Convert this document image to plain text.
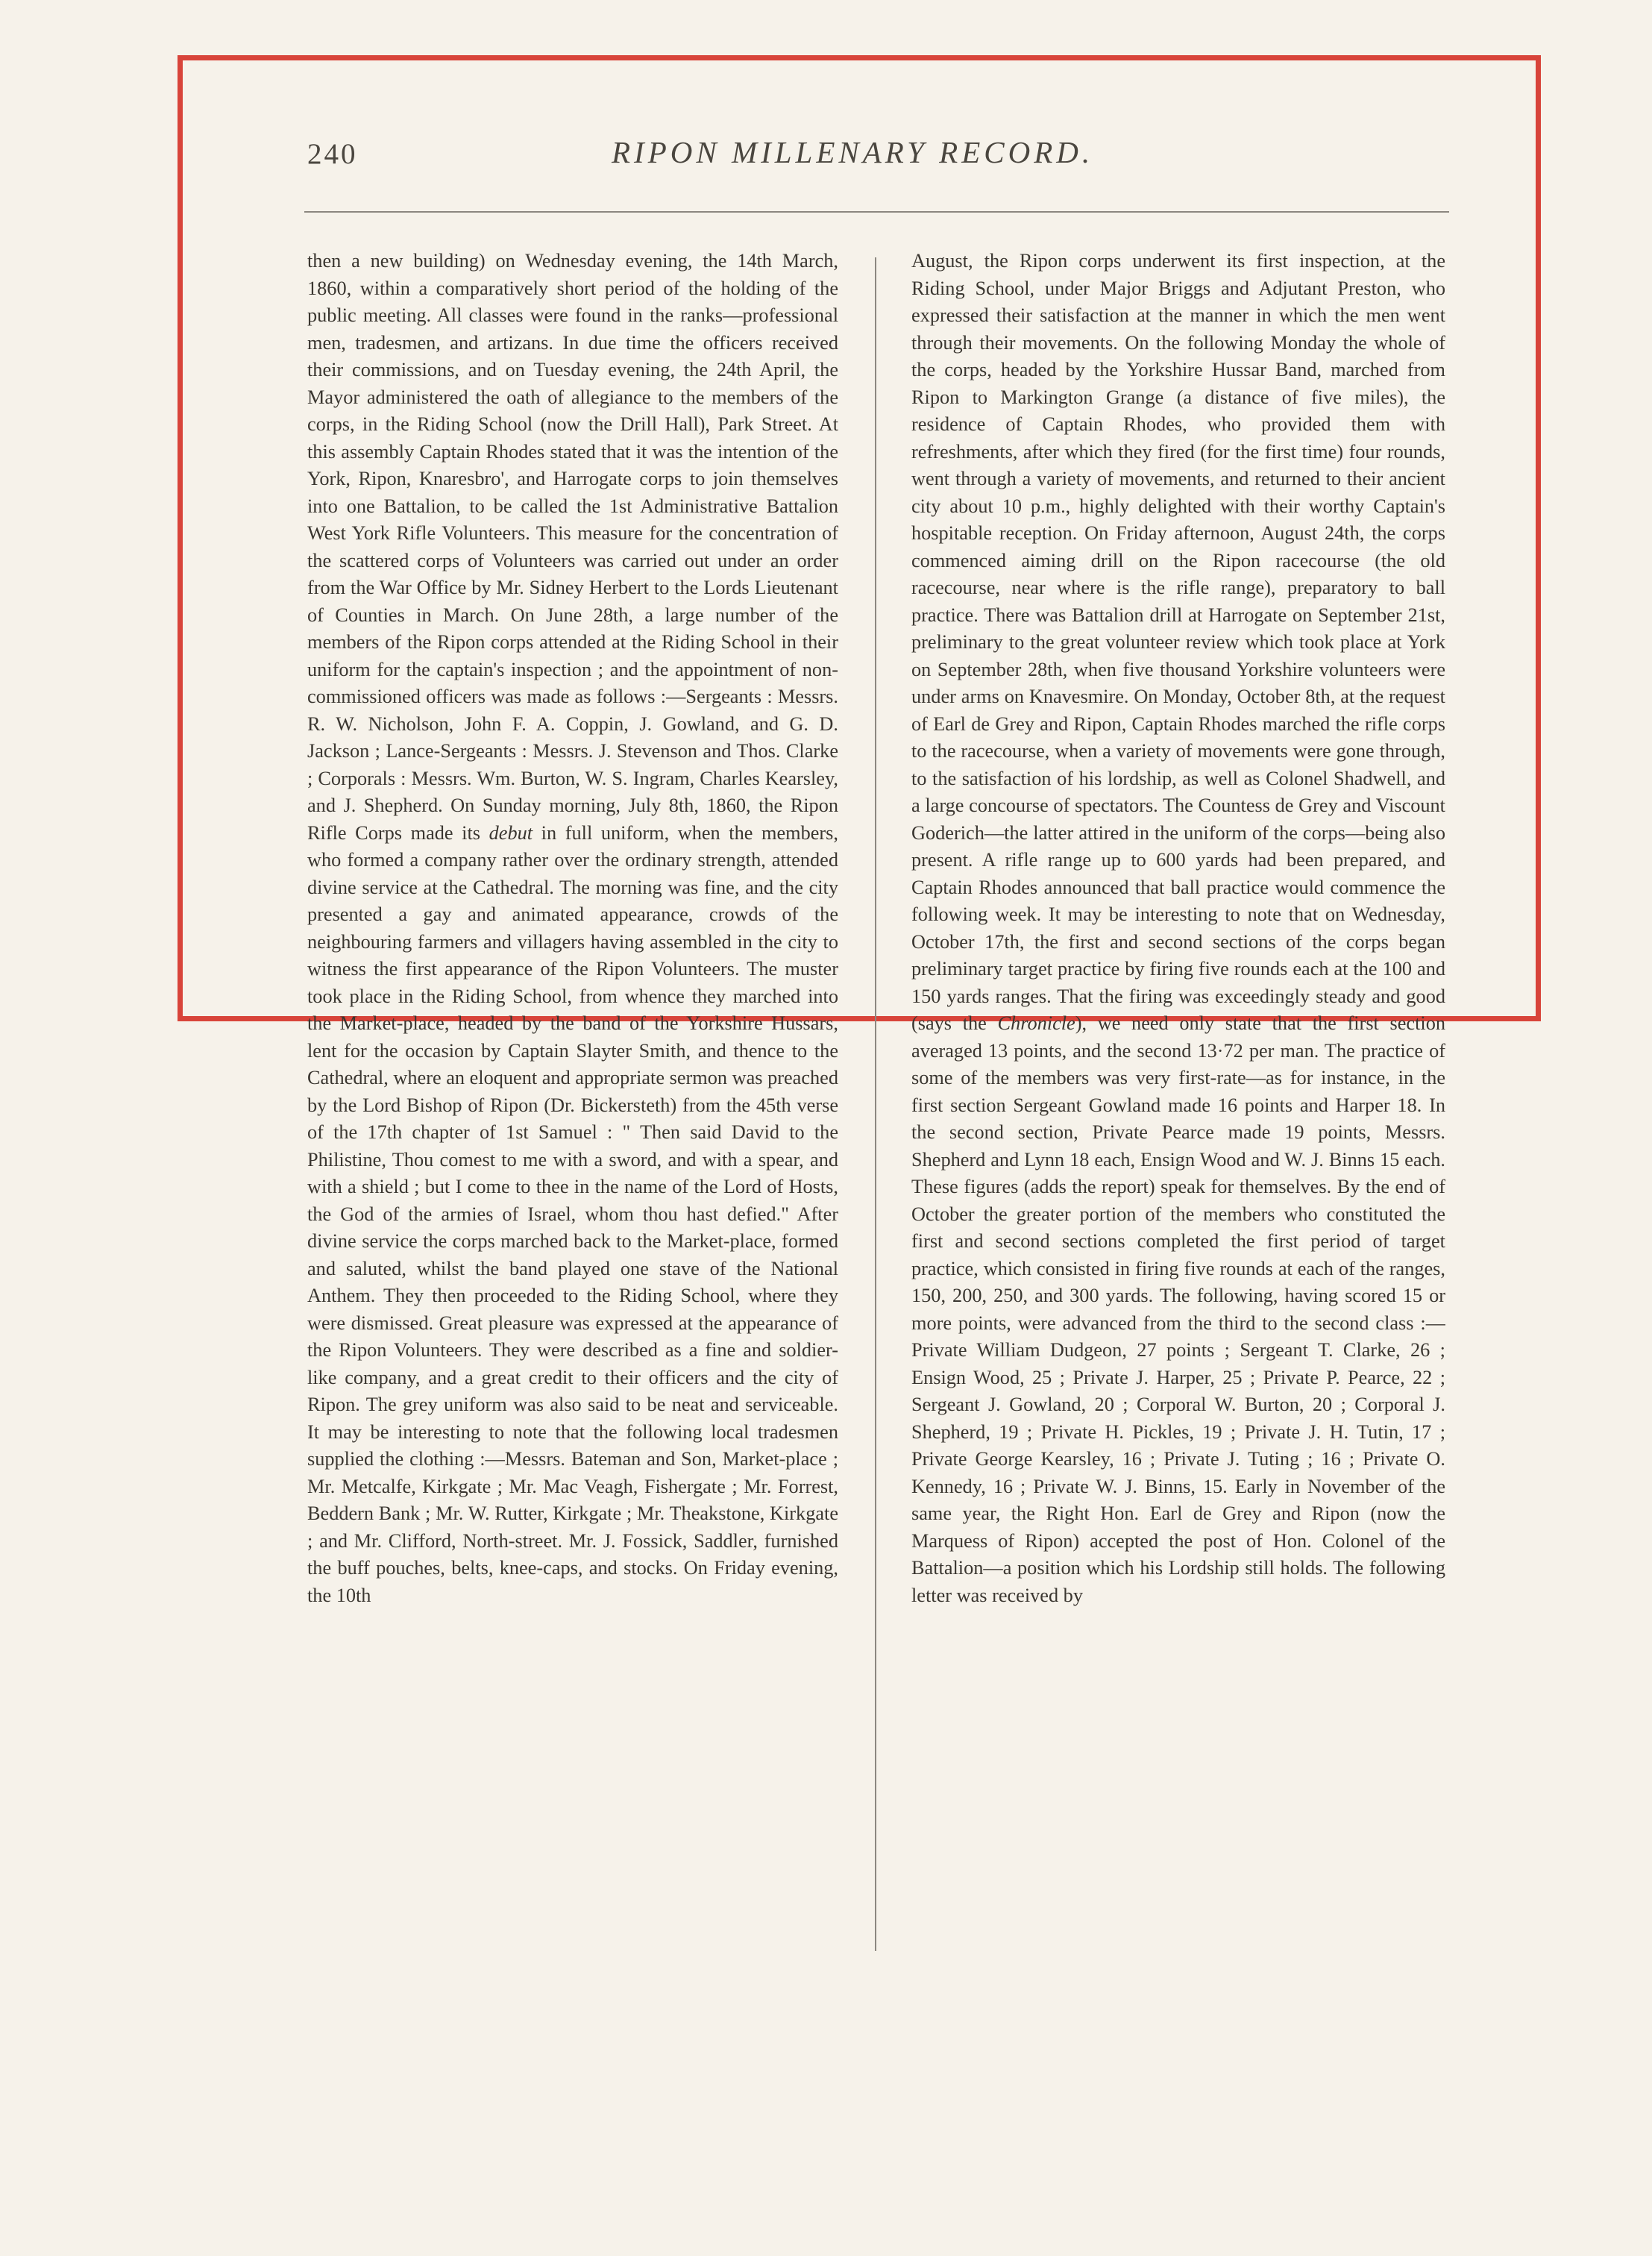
240	RIPON MILLENARY RECORD.

then a new building) on Wednesday evening, the 14th March, 1860, within a comparatively short period of the holding of the public meeting. All classes were found in the ranks—professional men, tradesmen, and artizans. In due time the officers received their commissions, and on Tuesday evening, the 24th April, the Mayor administered the oath of allegiance to the members of the corps, in the Riding School (now the Drill Hall), Park Street. At this assembly Captain Rhodes stated that it was the intention of the York, Ripon, Knaresbro', and Harrogate corps to join themselves into one Battalion, to be called the 1st Administrative Battalion West York Rifle Volunteers. This measure for the concentration of the scattered corps of Volunteers was carried out under an order from the War Office by Mr. Sidney Herbert to the Lords Lieutenant of Counties in March. On June 28th, a large number of the members of the Ripon corps attended at the Riding School in their uniform for the captain's inspection ; and the appointment of non-commissioned officers was made as follows :—Sergeants : Messrs. R. W. Nicholson, John F. A. Coppin, J. Gowland, and G. D. Jackson ; Lance-Sergeants : Messrs. J. Stevenson and Thos. Clarke ; Corporals : Messrs. Wm. Burton, W. S. Ingram, Charles Kearsley, and J. Shepherd. On Sunday morning, July 8th, 1860, the Ripon Rifle Corps made its debut in full uniform, when the members, who formed a company rather over the ordinary strength, attended divine service at the Cathedral. The morning was fine, and the city presented a gay and animated appearance, crowds of the neighbouring farmers and villagers having assembled in the city to witness the first appearance of the Ripon Volunteers. The muster took place in the Riding School, from whence they marched into the Market-place, headed by the band of the Yorkshire Hussars, lent for the occasion by Captain Slayter Smith, and thence to the Cathedral, where an eloquent and appropriate sermon was preached by the Lord Bishop of Ripon (Dr. Bickersteth) from the 45th verse of the 17th chapter of 1st Samuel : " Then said David to the Philistine, Thou comest to me with a sword, and with a spear, and with a shield ; but I come to thee in the name of the Lord of Hosts, the God of the armies of Israel, whom thou hast defied." After divine service the corps marched back to the Market-place, formed and saluted, whilst the band played one stave of the National Anthem. They then proceeded to the Riding School, where they were dismissed. Great pleasure was expressed at the appearance of the Ripon Volunteers. They were described as a fine and soldier-like company, and a great credit to their officers and the city of Ripon. The grey uniform was also said to be neat and serviceable. It may be interesting to note that the following local tradesmen supplied the clothing :—Messrs. Bateman and Son, Market-place ; Mr. Metcalfe, Kirkgate ; Mr. Mac Veagh, Fishergate ; Mr. Forrest, Beddern Bank ; Mr. W. Rutter, Kirkgate ; Mr. Theakstone, Kirkgate ; and Mr. Clifford, North-street. Mr. J. Fossick, Saddler, furnished the buff pouches, belts, knee-caps, and stocks. On Friday evening, the 10th

August, the Ripon corps underwent its first inspection, at the Riding School, under Major Briggs and Adjutant Preston, who expressed their satisfaction at the manner in which the men went through their movements. On the following Monday the whole of the corps, headed by the Yorkshire Hussar Band, marched from Ripon to Markington Grange (a distance of five miles), the residence of Captain Rhodes, who provided them with refreshments, after which they fired (for the first time) four rounds, went through a variety of movements, and returned to their ancient city about 10 p.m., highly delighted with their worthy Captain's hospitable reception. On Friday afternoon, August 24th, the corps commenced aiming drill on the Ripon racecourse (the old racecourse, near where is the rifle range), preparatory to ball practice. There was Battalion drill at Harrogate on September 21st, preliminary to the great volunteer review which took place at York on September 28th, when five thousand Yorkshire volunteers were under arms on Knavesmire. On Monday, October 8th, at the request of Earl de Grey and Ripon, Captain Rhodes marched the rifle corps to the racecourse, when a variety of movements were gone through, to the satisfaction of his lordship, as well as Colonel Shadwell, and a large concourse of spectators. The Countess de Grey and Viscount Goderich—the latter attired in the uniform of the corps—being also present. A rifle range up to 600 yards had been prepared, and Captain Rhodes announced that ball practice would commence the following week. It may be interesting to note that on Wednesday, October 17th, the first and second sections of the corps began preliminary target practice by firing five rounds each at the 100 and 150 yards ranges. That the firing was exceedingly steady and good (says the Chronicle), we need only state that the first section averaged 13 points, and the second 13·72 per man. The practice of some of the members was very first-rate—as for instance, in the first section Sergeant Gowland made 16 points and Harper 18. In the second section, Private Pearce made 19 points, Messrs. Shepherd and Lynn 18 each, Ensign Wood and W. J. Binns 15 each. These figures (adds the report) speak for themselves. By the end of October the greater portion of the members who constituted the first and second sections completed the first period of target practice, which consisted in firing five rounds at each of the ranges, 150, 200, 250, and 300 yards. The following, having scored 15 or more points, were advanced from the third to the second class :—Private William Dudgeon, 27 points ; Sergeant T. Clarke, 26 ; Ensign Wood, 25 ; Private J. Harper, 25 ; Private P. Pearce, 22 ; Sergeant J. Gowland, 20 ; Corporal W. Burton, 20 ; Corporal J. Shepherd, 19 ; Private H. Pickles, 19 ; Private J. H. Tutin, 17 ; Private George Kearsley, 16 ; Private J. Tuting ; 16 ; Private O. Kennedy, 16 ; Private W. J. Binns, 15. Early in November of the same year, the Right Hon. Earl de Grey and Ripon (now the Marquess of Ripon) accepted the post of Hon. Colonel of the Battalion—a position which his Lordship still holds. The following letter was received by
